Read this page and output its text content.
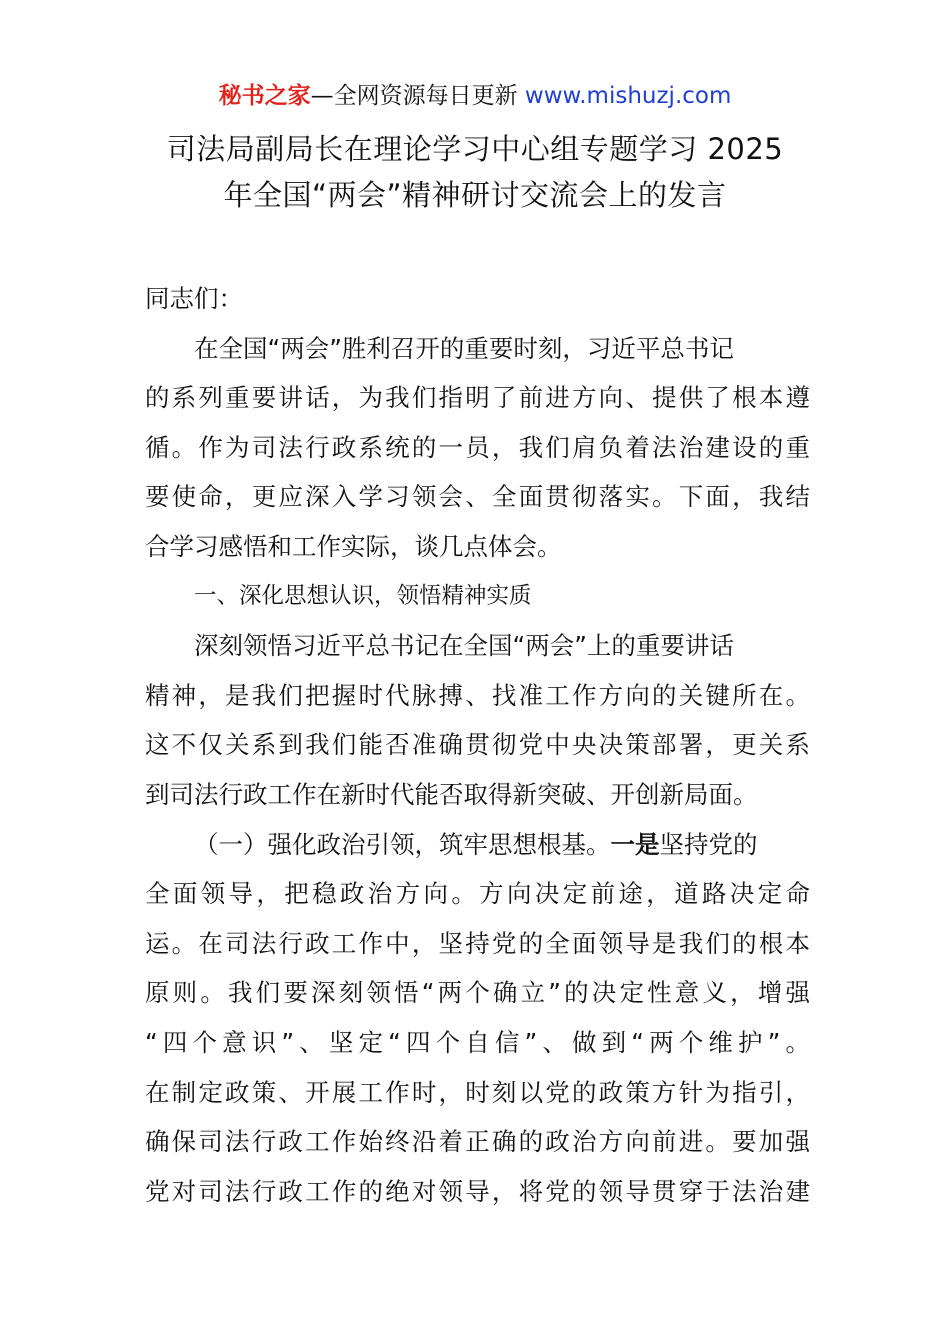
秘书之家—全网资源每日更新 www.mishuzj.com
司法局副局长在理论学习中心组专题学习 2025
年全国“两会”精神研讨交流会上的发言
同志们：
在全国“两会”胜利召开的重要时刻，习近平总书记
的系列重要讲话，为我们指明了前进方向、提供了根本遵
循。作为司法行政系统的一员，我们肩负着法治建设的重
要使命，更应深入学习领会、全面贯彻落实。下面，我结
合学习感悟和工作实际，谈几点体会。
一、深化思想认识，领悟精神实质
深刻领悟习近平总书记在全国“两会”上的重要讲话
精神，是我们把握时代脉搏、找准工作方向的关键所在。
这不仅关系到我们能否准确贯彻党中央决策部署，更关系
到司法行政工作在新时代能否取得新突破、开创新局面。
（一）强化政治引领，筑牢思想根基。一是坚持党的
全面领导，把稳政治方向。方向决定前途，道路决定命
运。在司法行政工作中，坚持党的全面领导是我们的根本
原则。我们要深刻领悟“两个确立”的决定性意义，增强
“四个意识”、坚定“四个自信”、做到“两个维护”。
在制定政策、开展工作时，时刻以党的政策方针为指引，
确保司法行政工作始终沿着正确的政治方向前进。要加强
党对司法行政工作的绝对领导，将党的领导贯穿于法治建
